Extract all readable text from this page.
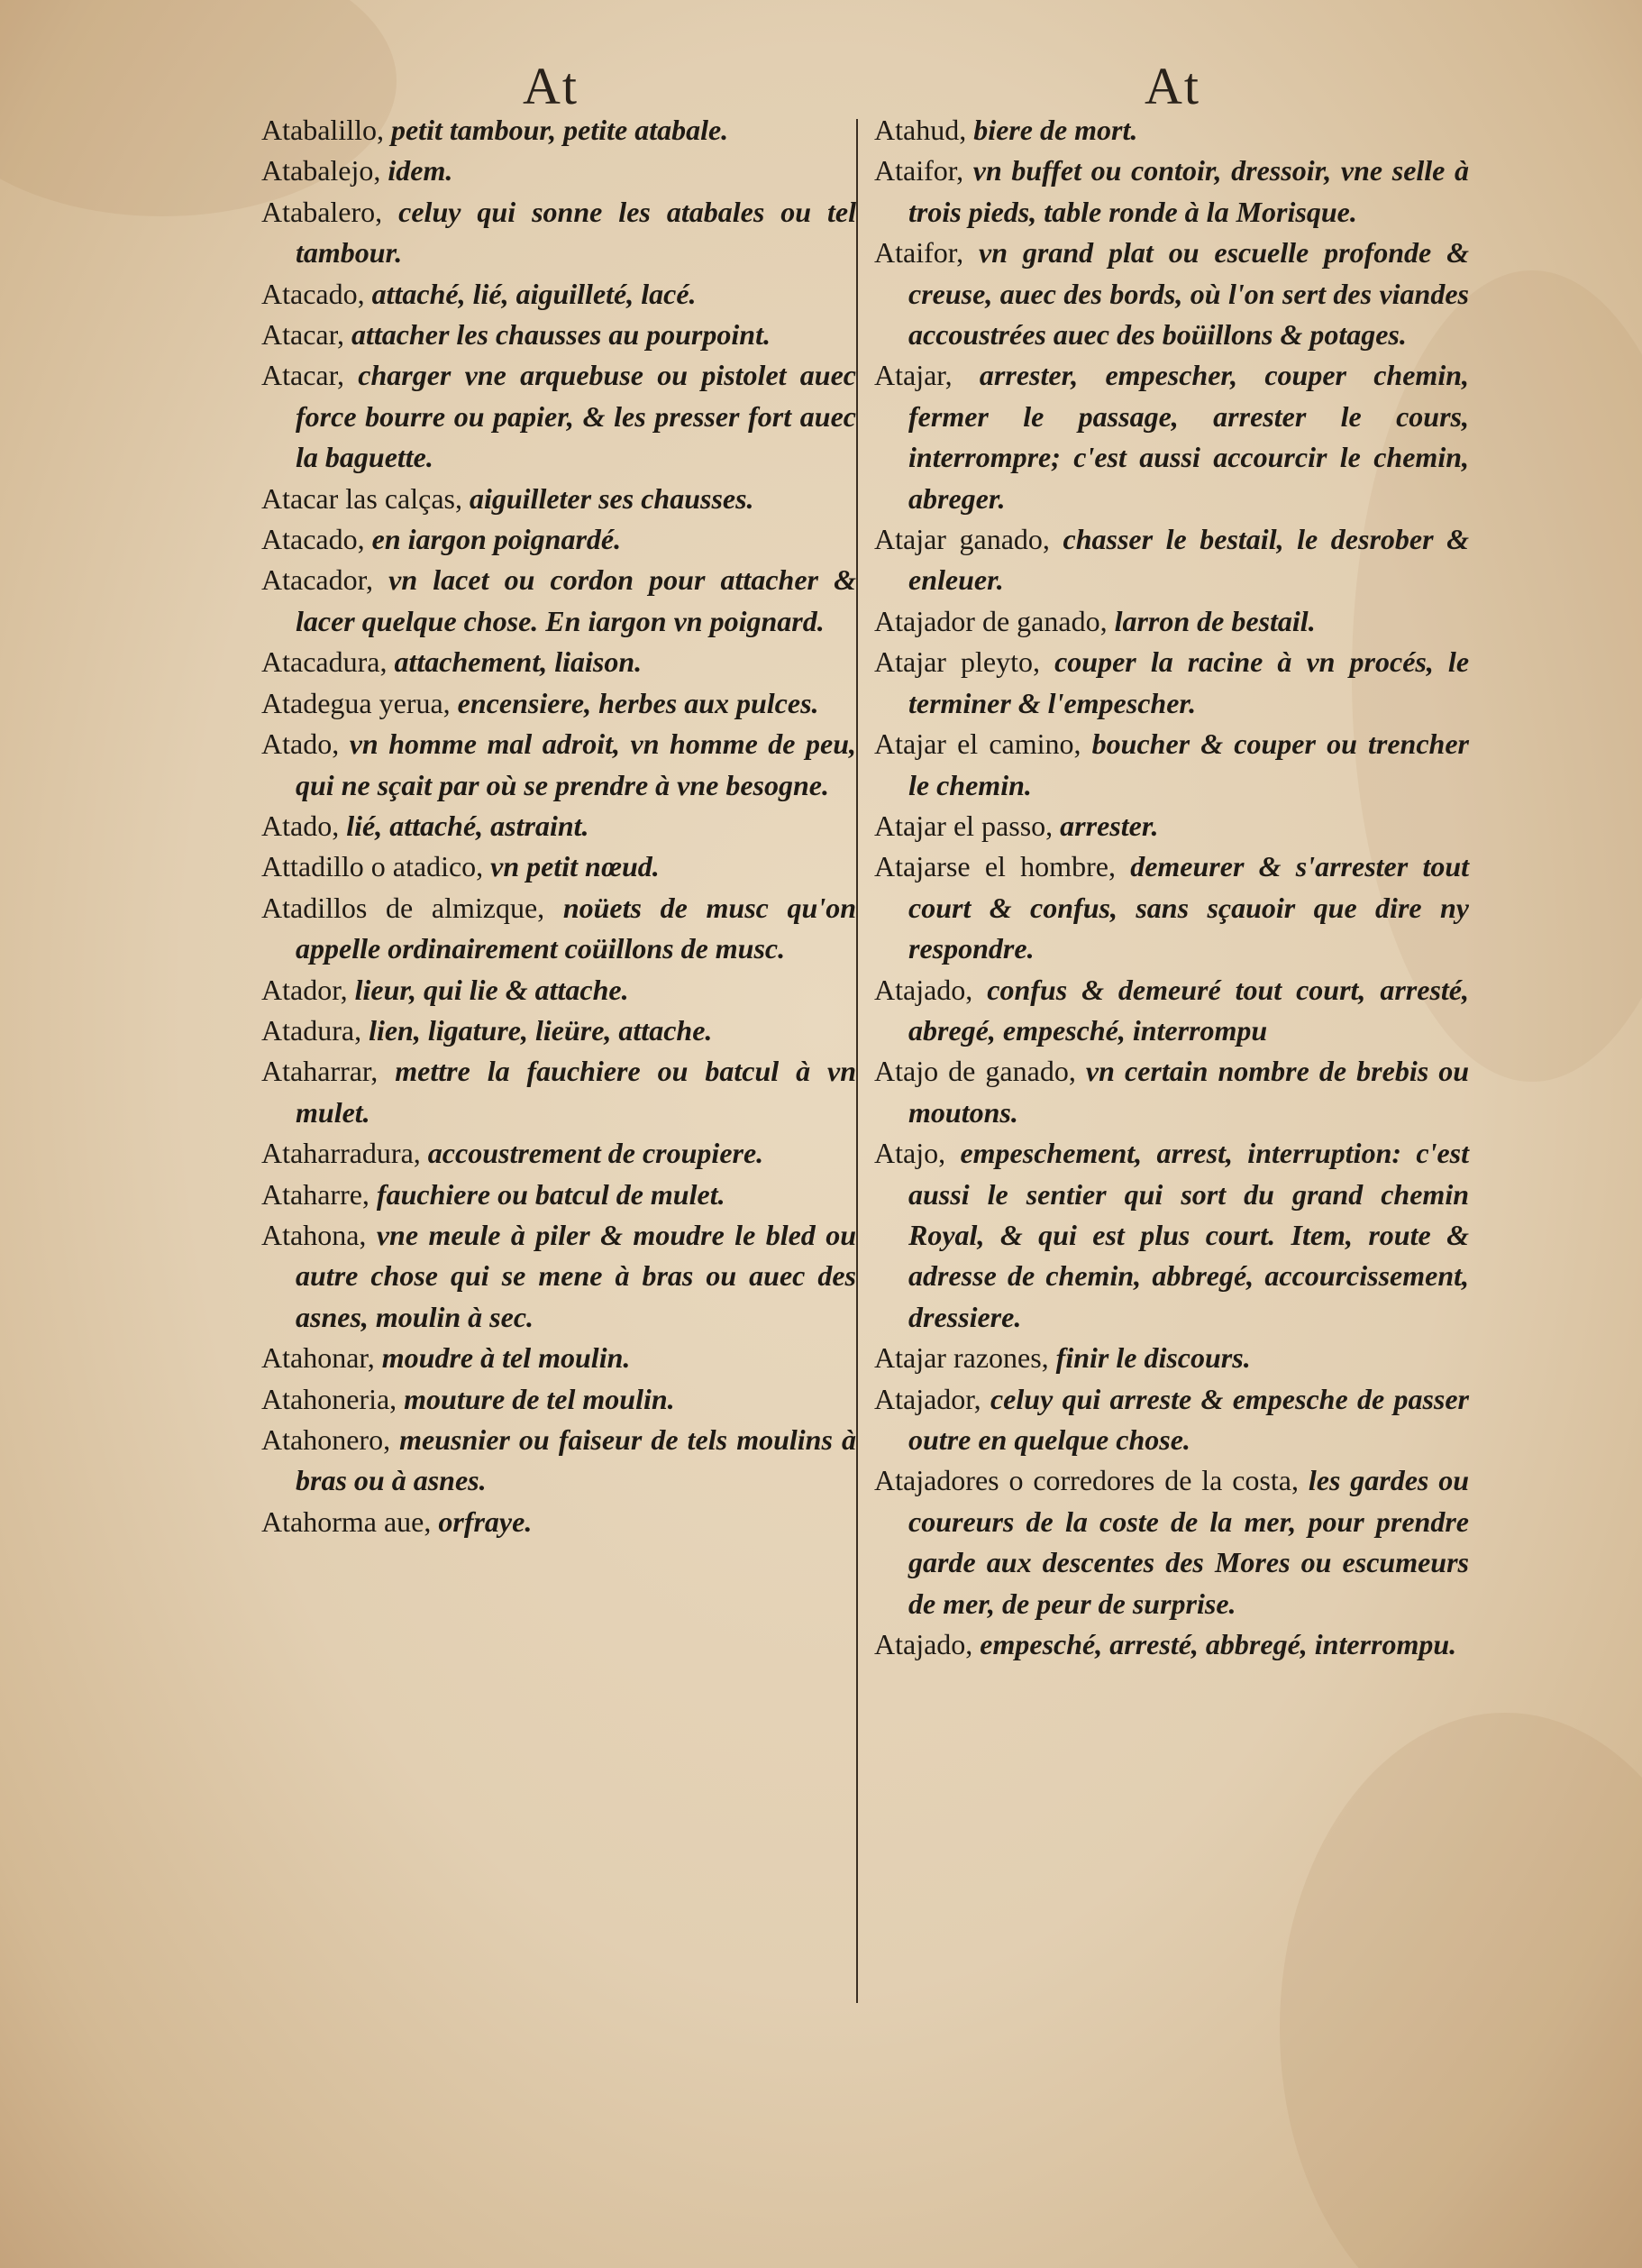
At	At

Atabalillo, petit tambour, petite atabale.

Atabalejo, idem.

Atabalero, celuy qui sonne les atabales ou tel tambour.

Atacado, attaché, lié, aiguilleté, lacé.

Atacar, attacher les chausses au pourpoint.

Atacar, charger vne arquebuse ou pistolet auec force bourre ou papier, & les presser fort auec la baguette.

Atacar las calças, aiguilleter ses chausses.

Atacado, en iargon poignardé.

Atacador, vn lacet ou cordon pour attacher & lacer quelque chose. En iargon vn poignard.

Atacadura, attachement, liaison.

Atadegua yerua, encensiere, herbes aux pulces.

Atado, vn homme mal adroit, vn homme de peu, qui ne sçait par où se prendre à vne besogne.

Atado, lié, attaché, astraint.

Attadillo o atadico, vn petit nœud.

Atadillos de almizque, noüets de musc qu'on appelle ordinairement coüillons de musc.

Atador, lieur, qui lie & attache.

Atadura, lien, ligature, lieüre, attache.

Ataharrar, mettre la fauchiere ou batcul à vn mulet.

Ataharradura, accoustrement de croupiere.

Ataharre, fauchiere ou batcul de mulet.

Atahona, vne meule à piler & moudre le bled ou autre chose qui se mene à bras ou auec des asnes, moulin à sec.

Atahonar, moudre à tel moulin.

Atahoneria, mouture de tel moulin.

Atahonero, meusnier ou faiseur de tels moulins à bras ou à asnes.

Atahorma aue, orfraye.

Atahud, biere de mort.

Ataifor, vn buffet ou contoir, dressoir, vne selle à trois pieds, table ronde à la Morisque.

Ataifor, vn grand plat ou escuelle profonde & creuse, auec des bords, où l'on sert des viandes accoustrées auec des boüillons & potages.

Atajar, arrester, empescher, couper chemin, fermer le passage, arrester le cours, interrompre; c'est aussi accourcir le chemin, abreger.

Atajar ganado, chasser le bestail, le desrober & enleuer.

Atajador de ganado, larron de bestail.

Atajar pleyto, couper la racine à vn procés, le terminer & l'empescher.

Atajar el camino, boucher & couper ou trencher le chemin.

Atajar el passo, arrester.

Atajarse el hombre, demeurer & s'arrester tout court & confus, sans sçauoir que dire ny respondre.

Atajado, confus & demeuré tout court, arresté, abregé, empesché, interrompu

Atajo de ganado, vn certain nombre de brebis ou moutons.

Atajo, empeschement, arrest, interruption: c'est aussi le sentier qui sort du grand chemin Royal, & qui est plus court. Item, route & adresse de chemin, abbregé, accourcissement, dressiere.

Atajar razones, finir le discours.

Atajador, celuy qui arreste & empesche de passer outre en quelque chose.

Atajadores o corredores de la costa, les gardes ou coureurs de la coste de la mer, pour prendre garde aux descentes des Mores ou escumeurs de mer, de peur de surprise.

Atajado, empesché, arresté, abbregé, interrompu.
